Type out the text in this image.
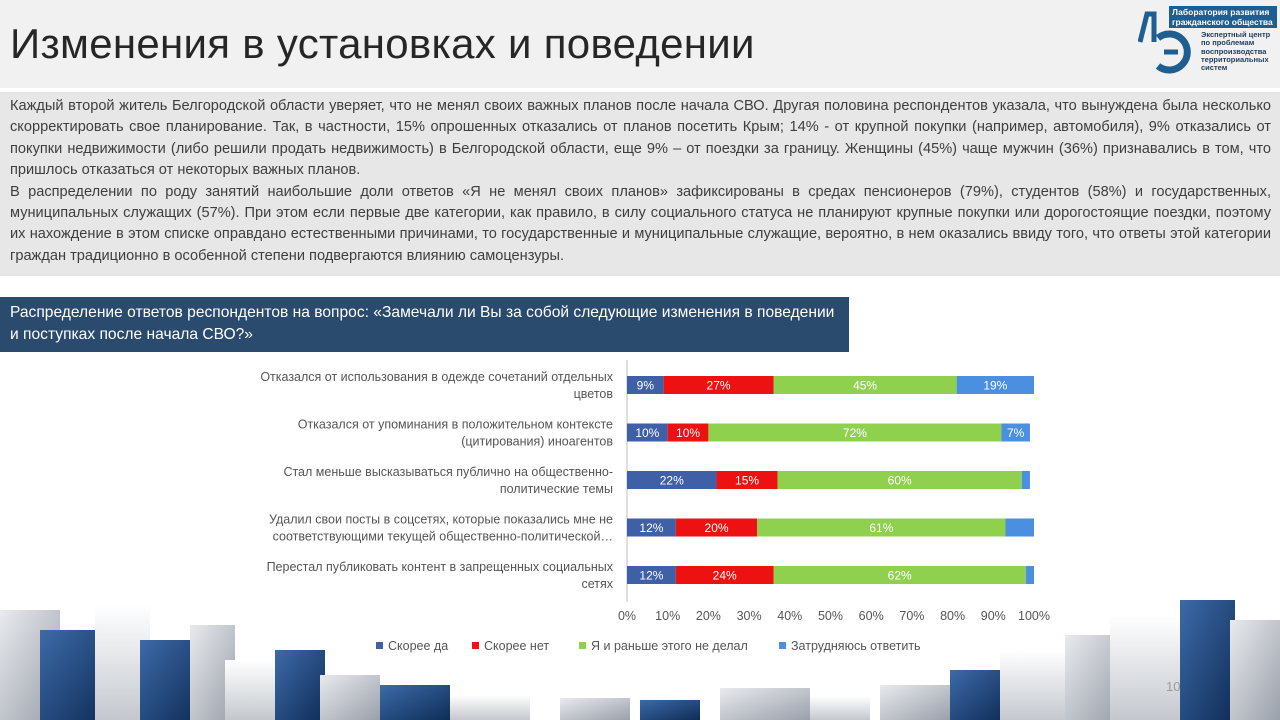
Изменения в установках и поведении
Лаборатория развития гражданского общества
Экспертный центр по проблемам воспроизводства территориальных систем

Каждый второй житель Белгородской области уверяет, что не менял своих важных планов после начала СВО. Другая половина респондентов указала, что вынуждена была несколько скорректировать свое планирование. Так, в частности, 15% опрошенных отказались от планов посетить Крым; 14% - от крупной покупки (например, автомобиля), 9% отказались от покупки недвижимости (либо решили продать недвижимость) в Белгородской области, еще 9% – от поездки за границу. Женщины (45%) чаще мужчин (36%) признавались в том, что пришлось отказаться от некоторых важных планов.

В распределении по роду занятий наибольшие доли ответов «Я не менял своих планов» зафиксированы в средах пенсионеров (79%), студентов (58%) и государственных, муниципальных служащих (57%). При этом если первые две категории, как правило, в силу социального статуса не планируют крупные покупки или дорогостоящие поездки, поэтому их нахождение в этом списке оправдано естественными причинами, то государственные и муниципальные служащие, вероятно, в нем оказались ввиду того, что ответы этой категории граждан традиционно в особенной степени подвергаются влиянию самоцензуры.

Распределение ответов респондентов на вопрос: «Замечали ли Вы за собой следующие изменения в поведении и поступках после начала СВО?»
Отказался от использования в одежде сочетаний отдельных
цветов
9%	27%	45%	19%
Отказался от упоминания в положительном контексте
(цитирования) иноагентов
10% 10%	72%	7%
Стал меньше высказываться публично на общественно-
политические темы
22%	15%	60%
Удалил свои посты в соцсетях, которые показались мне не
соответствующими текущей общественно-политической…
12%	20%	61%
Перестал публиковать контент в запрещенных социальных
сетях
12%	24%	62%
0% 10% 20% 30% 40% 50% 60% 70% 80% 90% 100%
Скорее да	Скорее нет	Я и раньше этого не делал	Затрудняюсь ответить
10
